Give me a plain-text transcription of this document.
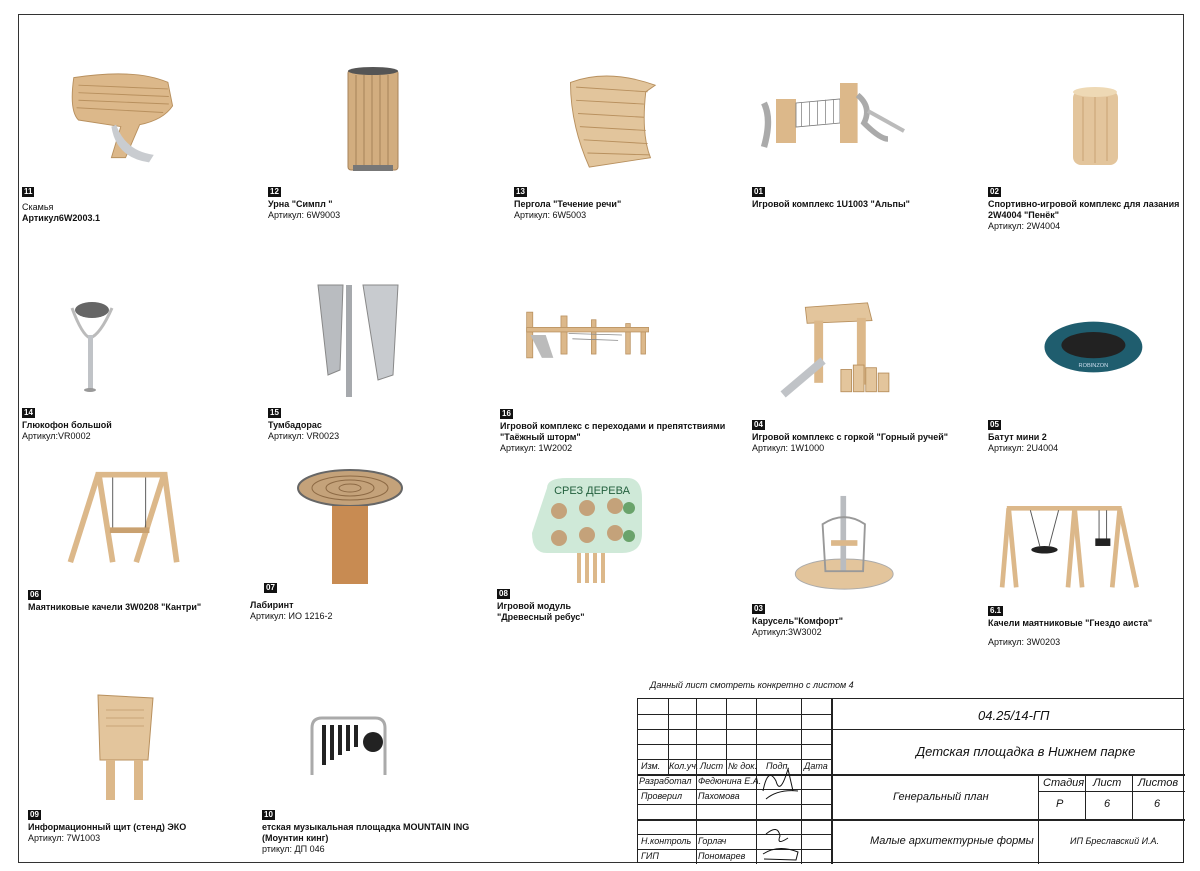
11
Скамья
Артикул6W2003.1
12
Урна "Симпл "
Артикул: 6W9003
13
Пергола "Течение речи"
Артикул: 6W5003
01
Игровой комплекс 1U1003 "Альпы"
02
Спортивно-игровой комплекс для лазания 2W4004 "Пенёк"
Артикул: 2W4004
14
Глюкофон большой
Артикул:VR0002
15
Тумбадорас
Артикул: VR0023
16
Игровой комплекс с переходами и препятствиями "Таёжный шторм"
Артикул: 1W2002
04
Игровой комплекс с горкой "Горный ручей"
Артикул: 1W1000
ROBINZON
05
Батут мини 2
Артикул: 2U4004
06
Маятниковые качели 3W0208 "Кантри"	Лабиринт
Артикул: ИО 1216-2
07
СРЕЗ ДЕРЕВА
08
Игровой модуль "Древесный ребус"
03
Карусель"Комфорт"
Артикул:3W3002
6.1
Качели маятниковые "Гнездо аиста"
Артикул: 3W0203
09
Информационный щит (стенд) ЭКО
Артикул: 7W1003
10
етская музыкальная площадка MOUNTAIN ING (Моунтин кинг)
ртикул: ДП 046
Данный лист смотреть конкретно с листом 4
04.25/14-ГП
Детская площадка в Нижнем парке
Изм. Кол.уч. Лист № док. Подп. Дата
Разработал Федюнина Е.А.
Проверил Пахомова
Н.контроль Горлач
ГИП	Пономарев
Генеральный план
Стадия Лист Листов
Р	6	6
Малые архитектурные формы	ИП Бреславский И.А.
